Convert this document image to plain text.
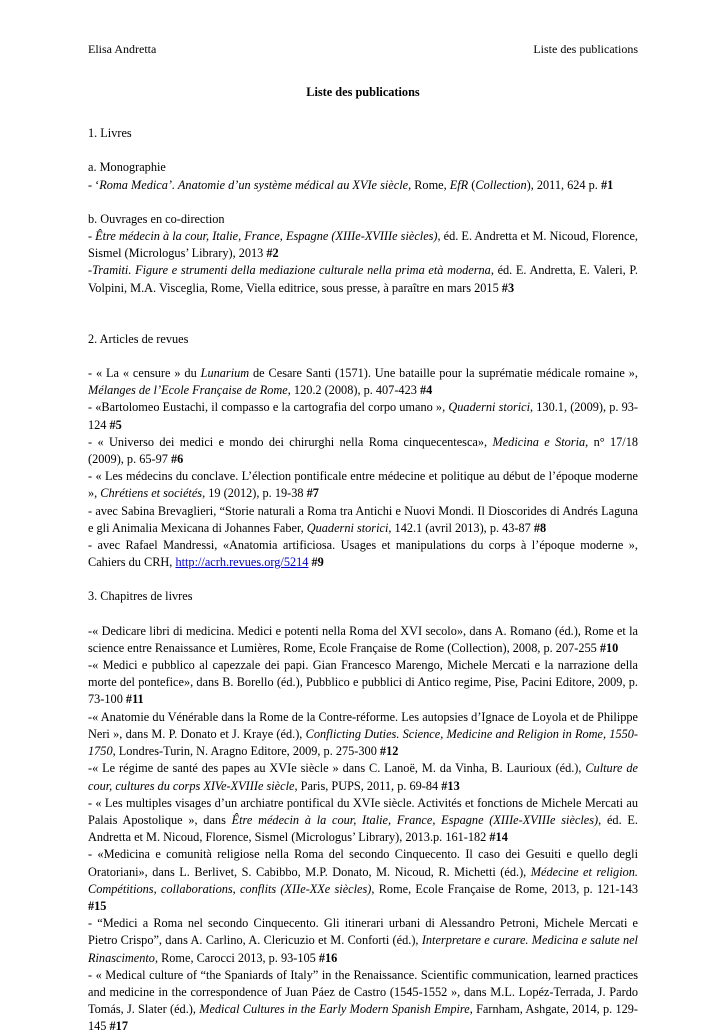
Elisa Andretta	Liste des publications

Liste des publications

1. Livres

a. Monographie

- ‘Roma Medica’. Anatomie d’un système médical au XVIe siècle, Rome, EfR (Collection), 2011, 624 p. #1

b. Ouvrages en co-direction

- Être médecin à la cour, Italie, France, Espagne (XIIIe-XVIIIe siècles), éd. E. Andretta et M. Nicoud, Florence, Sismel (Micrologus’ Library), 2013 #2

-Tramiti. Figure e strumenti della mediazione culturale nella prima età moderna, éd. E. Andretta, E. Valeri, P. Volpini, M.A. Visceglia, Rome, Viella editrice, sous presse, à paraître en mars 2015 #3

2. Articles de revues

- « La « censure » du Lunarium de Cesare Santi (1571). Une bataille pour la suprématie médicale romaine », Mélanges de l’Ecole Française de Rome, 120.2 (2008), p. 407-423 #4

- «Bartolomeo Eustachi, il compasso e la cartografia del corpo umano », Quaderni storici, 130.1, (2009), p. 93-124 #5

- « Universo dei medici e mondo dei chirurghi nella Roma cinquecentesca», Medicina e Storia, n° 17/18 (2009), p. 65-97 #6

- « Les médecins du conclave. L’élection pontificale entre médecine et politique au début de l’époque moderne », Chrétiens et sociétés, 19 (2012), p. 19-38 #7

- avec Sabina Brevaglieri, “Storie naturali a Roma tra Antichi e Nuovi Mondi. Il Dioscorides di Andrés Laguna e gli Animalia Mexicana di Johannes Faber, Quaderni storici, 142.1 (avril 2013), p. 43-87 #8

- avec Rafael Mandressi, «Anatomia artificiosa. Usages et manipulations du corps à l’époque moderne », Cahiers du CRH, http://acrh.revues.org/5214 #9

3. Chapitres de livres

-« Dedicare libri di medicina. Medici e potenti nella Roma del XVI secolo», dans A. Romano (éd.), Rome et la science entre Renaissance et Lumières, Rome, Ecole Française de Rome (Collection), 2008, p. 207-255 #10

-« Medici e pubblico al capezzale dei papi. Gian Francesco Marengo, Michele Mercati e la narrazione della morte del pontefice», dans B. Borello (éd.), Pubblico e pubblici di Antico regime, Pise, Pacini Editore, 2009, p. 73-100 #11

-« Anatomie du Vénérable dans la Rome de la Contre-réforme. Les autopsies d’Ignace de Loyola et de Philippe Neri », dans M. P. Donato et J. Kraye (éd.), Conflicting Duties. Science, Medicine and Religion in Rome, 1550-1750, Londres-Turin, N. Aragno Editore, 2009, p. 275-300 #12

-« Le régime de santé des papes au XVIe siècle » dans C. Lanoë, M. da Vinha, B. Laurioux (éd.), Culture de cour, cultures du corps XIVe-XVIIIe siècle, Paris, PUPS, 2011, p. 69-84 #13

- « Les multiples visages d’un archiatre pontifical du XVIe siècle. Activités et fonctions de Michele Mercati au Palais Apostolique », dans Être médecin à la cour, Italie, France, Espagne (XIIIe-XVIIIe siècles), éd. E. Andretta et M. Nicoud, Florence, Sismel (Micrologus’ Library), 2013.p. 161-182 #14

- «Medicina e comunità religiose nella Roma del secondo Cinquecento. Il caso dei Gesuiti e quello degli Oratoriani», dans L. Berlivet, S. Cabibbo, M.P. Donato, M. Nicoud, R. Michetti (éd.), Médecine et religion. Compétitions, collaborations, conflits (XIIe-XXe siècles), Rome, Ecole Française de Rome, 2013, p. 121-143 #15

- “Medici a Roma nel secondo Cinquecento. Gli itinerari urbani di Alessandro Petroni, Michele Mercati e Pietro Crispo”, dans A. Carlino, A. Clericuzio et M. Conforti (éd.), Interpretare e curare. Medicina e salute nel Rinascimento, Rome, Carocci 2013, p. 93-105 #16

- « Medical culture of “the Spaniards of Italy” in the Renaissance. Scientific communication, learned practices and medicine in the correspondence of Juan Páez de Castro (1545-1552 », dans M.L. Lopéz-Terrada, J. Pardo Tomás, J. Slater (éd.), Medical Cultures in the Early Modern Spanish Empire, Farnham, Ashgate, 2014, p. 129-145 #17
